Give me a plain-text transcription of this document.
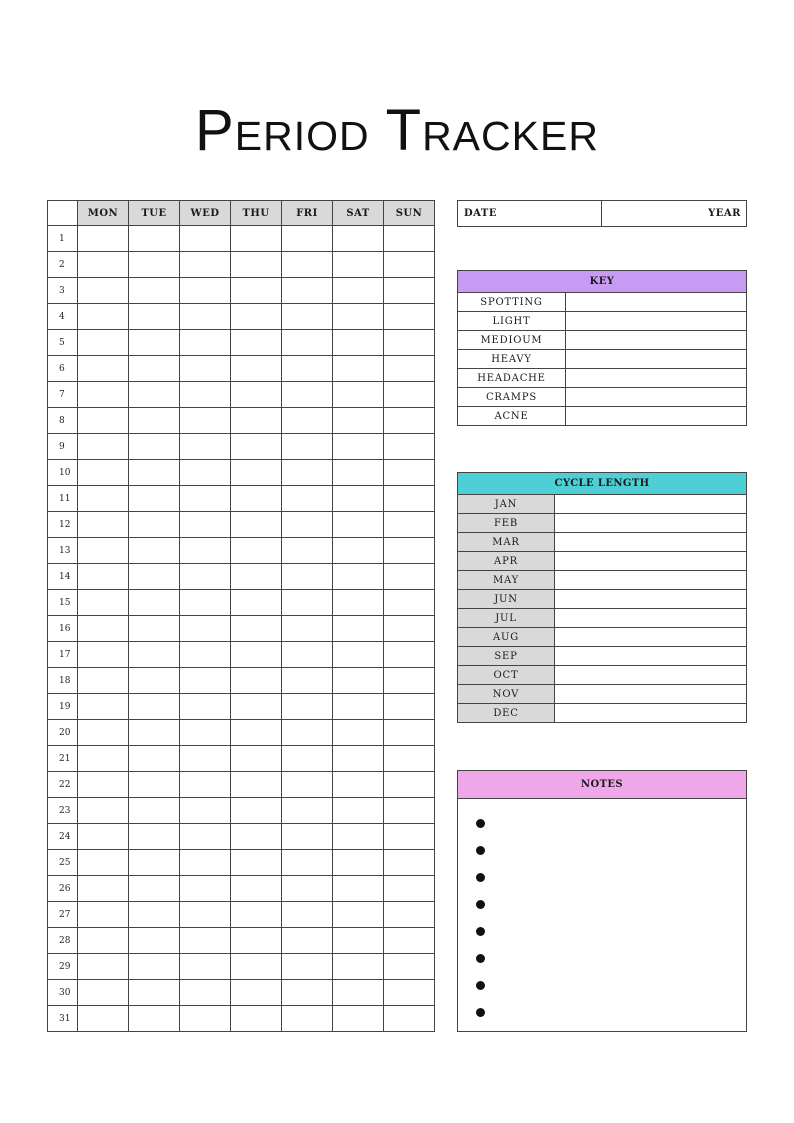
Period Tracker
	MON	TUE	WED	THU	FRI	SAT	SUN
1							
2							
3							
4							
5							
6							
7							
8							
9							
10							
11							
12							
13							
14							
15							
16							
17							
18							
19							
20							
21							
22							
23							
24							
25							
26							
27							
28							
29							
30							
31							
DATE	YEAR
KEY	
SPOTTING	
LIGHT	
MEDIOUM	
HEAVY	
HEADACHE	
CRAMPS	
ACNE	
CYCLE LENGTH	
JAN	
FEB	
MAR	
APR	
MAY	
JUN	
JUL	
AUG	
SEP	
OCT	
NOV	
DEC	
NOTES
